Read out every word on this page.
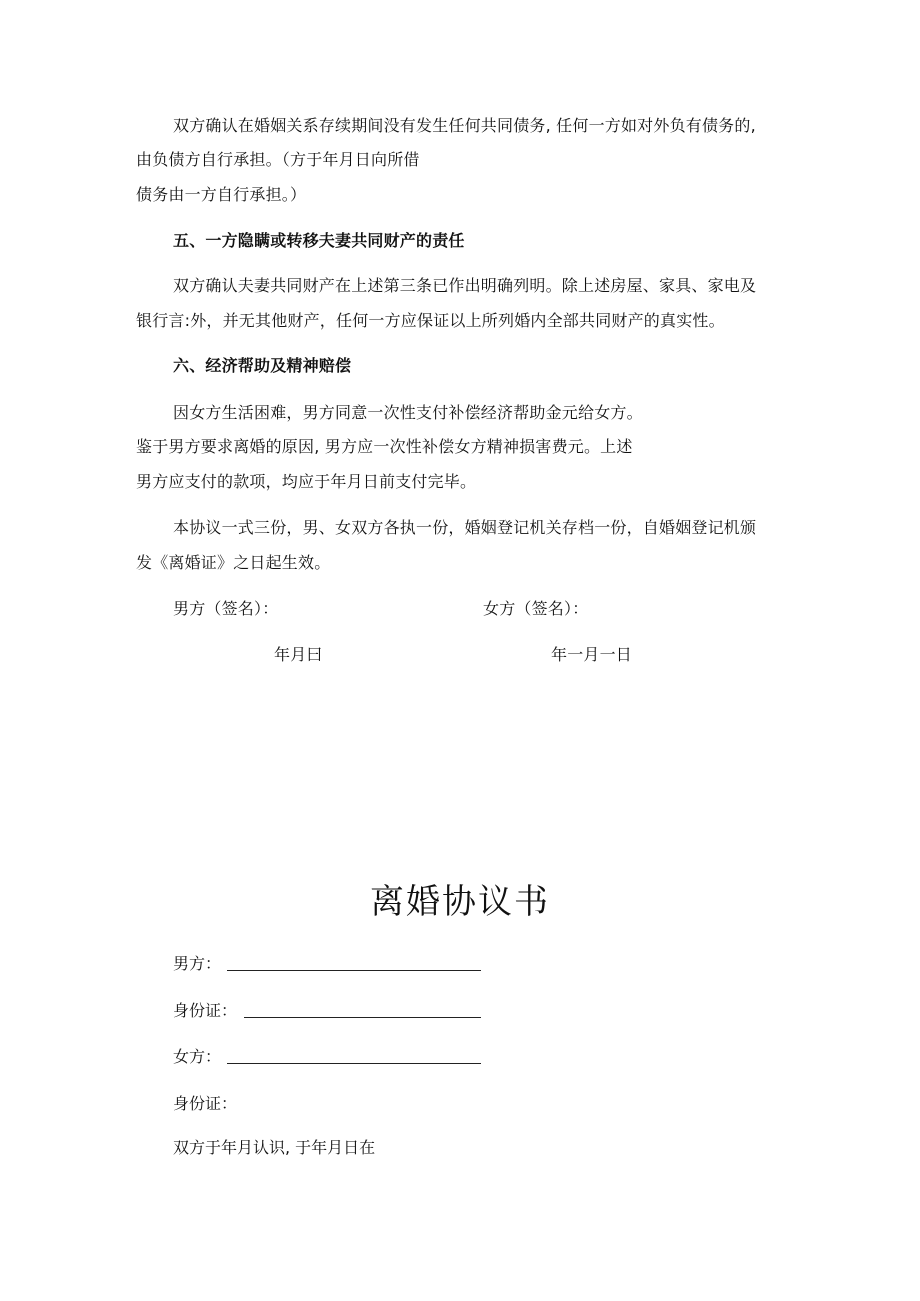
双方确认在婚姻关系存续期间没有发生任何共同债务, 任何一方如对外负有债务的,
由负债方自行承担。（方于年月日向所借
债务由一方自行承担。）
五、一方隐瞒或转移夫妻共同财产的责任
双方确认夫妻共同财产在上述第三条已作出明确列明。除上述房屋、家具、家电及
银行言:外，并无其他财产，任何一方应保证以上所列婚内全部共同财产的真实性。
六、经济帮助及精神赔偿
因女方生活困难，男方同意一次性支付补偿经济帮助金元给女方。
鉴于男方要求离婚的原因, 男方应一次性补偿女方精神损害费元。上述
男方应支付的款项，均应于年月日前支付完毕。
本协议一式三份，男、女双方各执一份，婚姻登记机关存档一份，自婚姻登记机颁
发《离婚证》之日起生效。
男方（签名）：	女方（签名）：
年月曰	年一月一日
离婚协议书
男方：
身份证：
女方：
身份证：
双方于年月认识, 于年月日在
